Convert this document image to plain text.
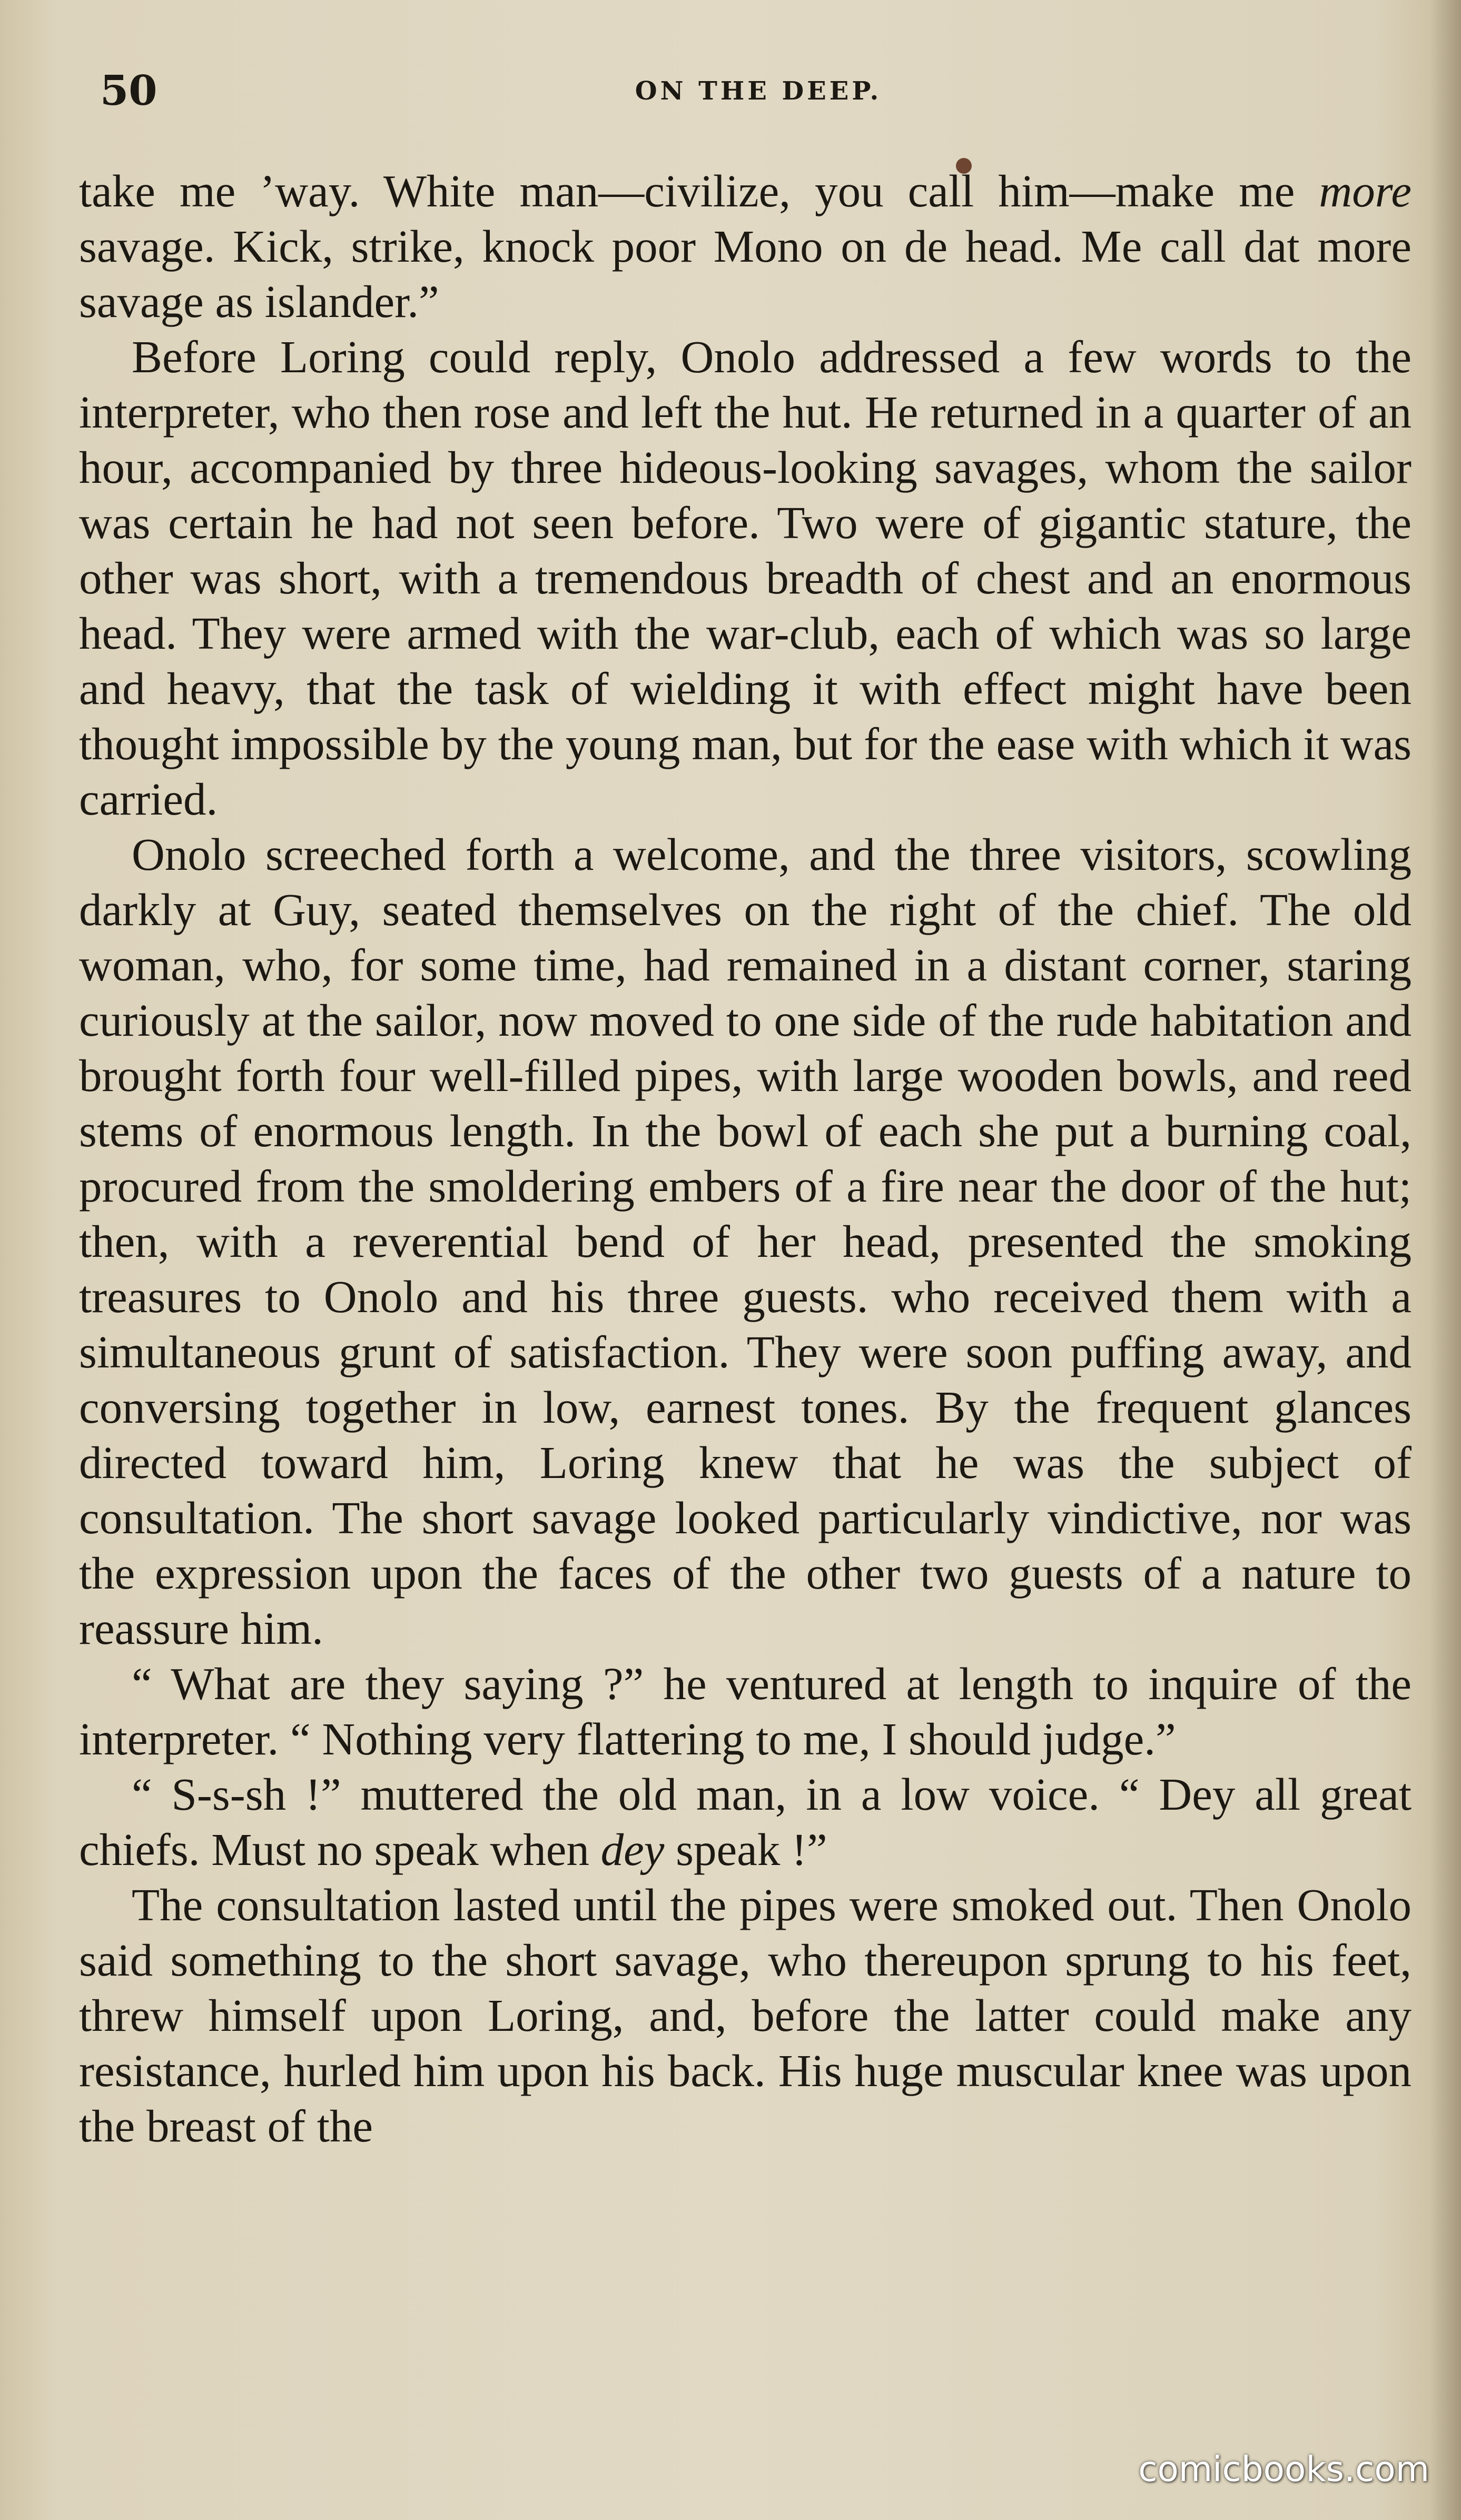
50	ON THE DEEP.

take me ’way. White man—civilize, you call him—make me more savage. Kick, strike, knock poor Mono on de head. Me call dat more savage as islander.”

Before Loring could reply, Onolo addressed a few words to the interpreter, who then rose and left the hut. He returned in a quarter of an hour, accompanied by three hideous-looking savages, whom the sailor was certain he had not seen before. Two were of gigantic stature, the other was short, with a tremendous breadth of chest and an enormous head. They were armed with the war-club, each of which was so large and heavy, that the task of wielding it with effect might have been thought impossible by the young man, but for the ease with which it was carried.

Onolo screeched forth a welcome, and the three visitors, scowling darkly at Guy, seated themselves on the right of the chief. The old woman, who, for some time, had remained in a distant corner, staring curiously at the sailor, now moved to one side of the rude habitation and brought forth four well-filled pipes, with large wooden bowls, and reed stems of enormous length. In the bowl of each she put a burning coal, procured from the smoldering embers of a fire near the door of the hut; then, with a reverential bend of her head, presented the smoking treasures to Onolo and his three guests. who received them with a simultaneous grunt of satisfaction. They were soon puffing away, and conversing together in low, earnest tones. By the frequent glances directed toward him, Loring knew that he was the subject of consultation. The short savage looked particularly vindictive, nor was the expression upon the faces of the other two guests of a nature to reassure him.

“ What are they saying ?” he ventured at length to inquire of the interpreter. “ Nothing very flattering to me, I should judge.”

“ S-s-sh !” muttered the old man, in a low voice. “ Dey all great chiefs. Must no speak when dey speak !”

The consultation lasted until the pipes were smoked out. Then Onolo said something to the short savage, who thereupon sprung to his feet, threw himself upon Loring, and, before the latter could make any resistance, hurled him upon his back. His huge muscular knee was upon the breast of the

comicbooks.com
